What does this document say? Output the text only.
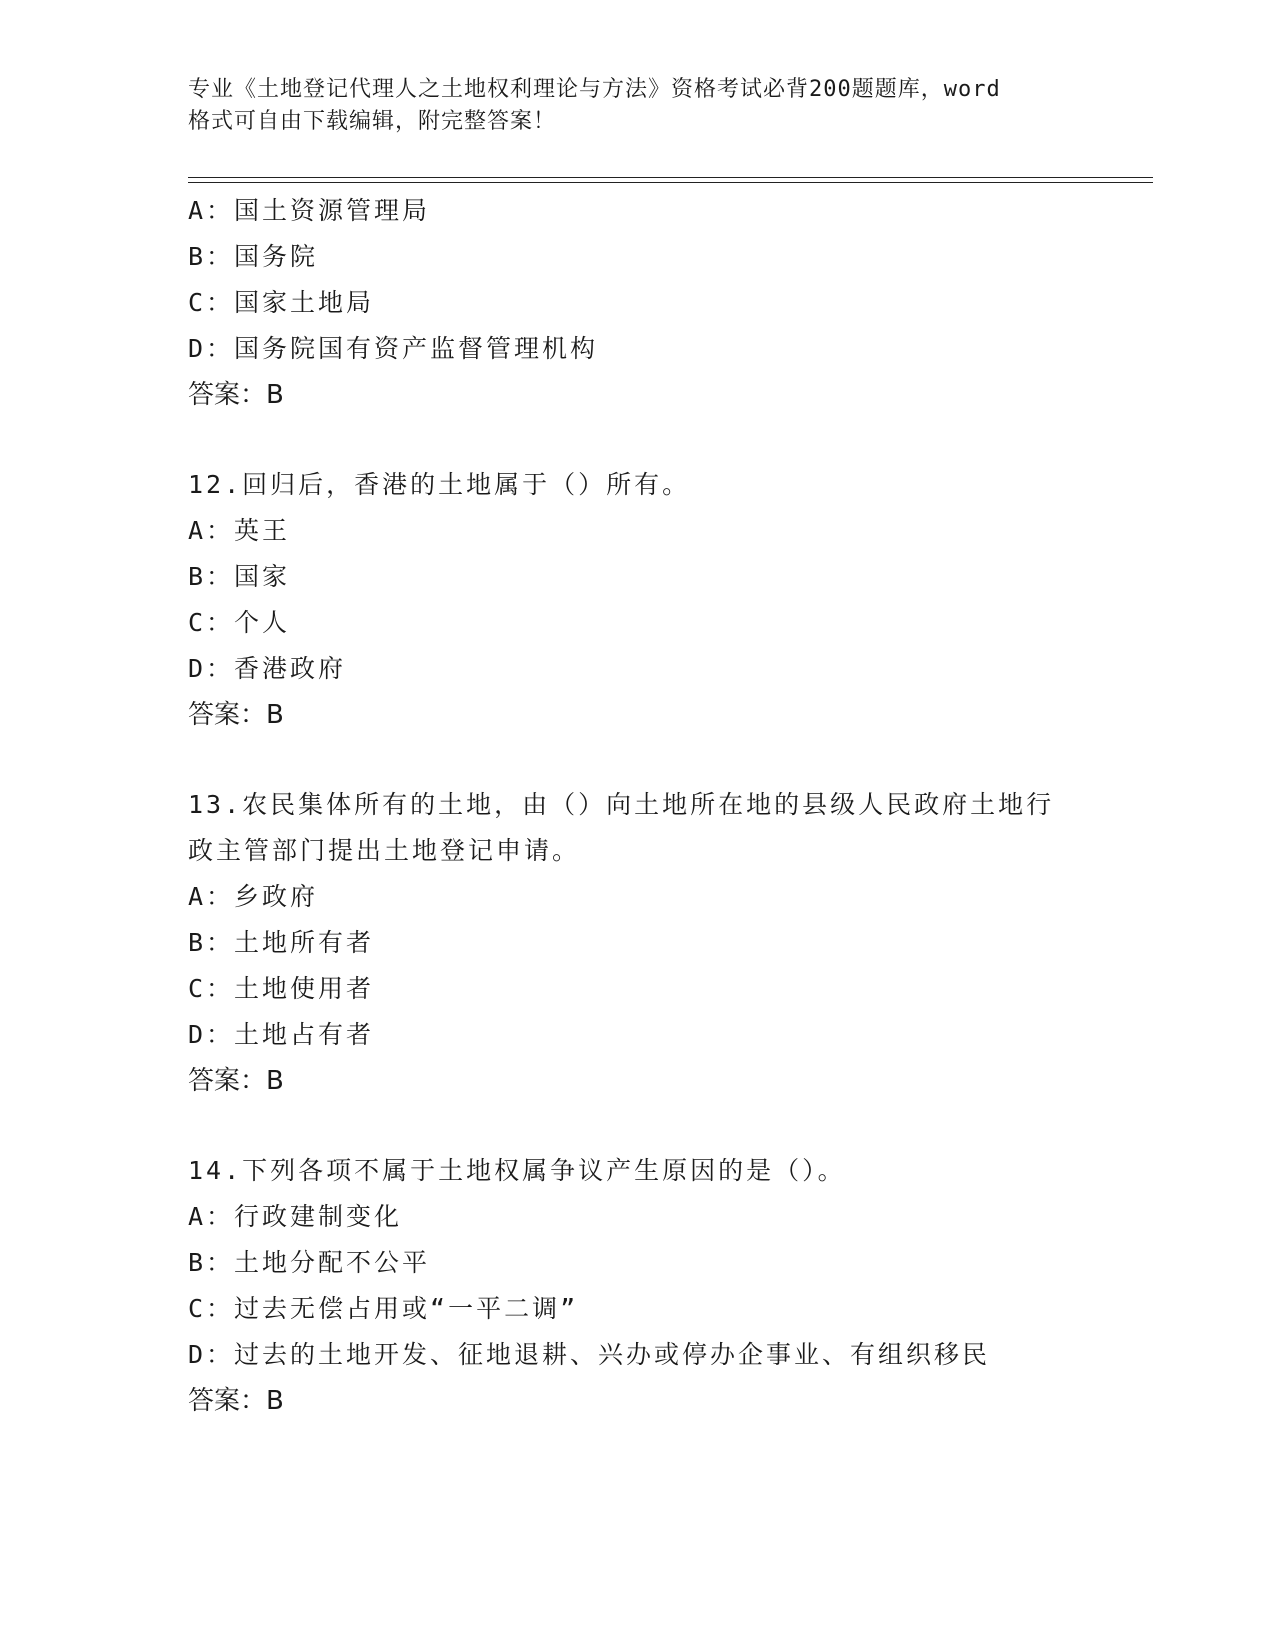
专业《土地登记代理人之土地权利理论与方法》资格考试必背200题题库，word
格式可自由下载编辑，附完整答案！
A：国土资源管理局
B：国务院
C：国家土地局
D：国务院国有资产监督管理机构
答案：B
12.回归后，香港的土地属于（）所有。
A：英王
B：国家
C：个人
D：香港政府
答案：B
13.农民集体所有的土地，由（）向土地所在地的县级人民政府土地行
政主管部门提出土地登记申请。
A：乡政府
B：土地所有者
C：土地使用者
D：土地占有者
答案：B
14.下列各项不属于土地权属争议产生原因的是（）。
A：行政建制变化
B：土地分配不公平
C：过去无偿占用或“一平二调”
D：过去的土地开发、征地退耕、兴办或停办企事业、有组织移民
答案：B
